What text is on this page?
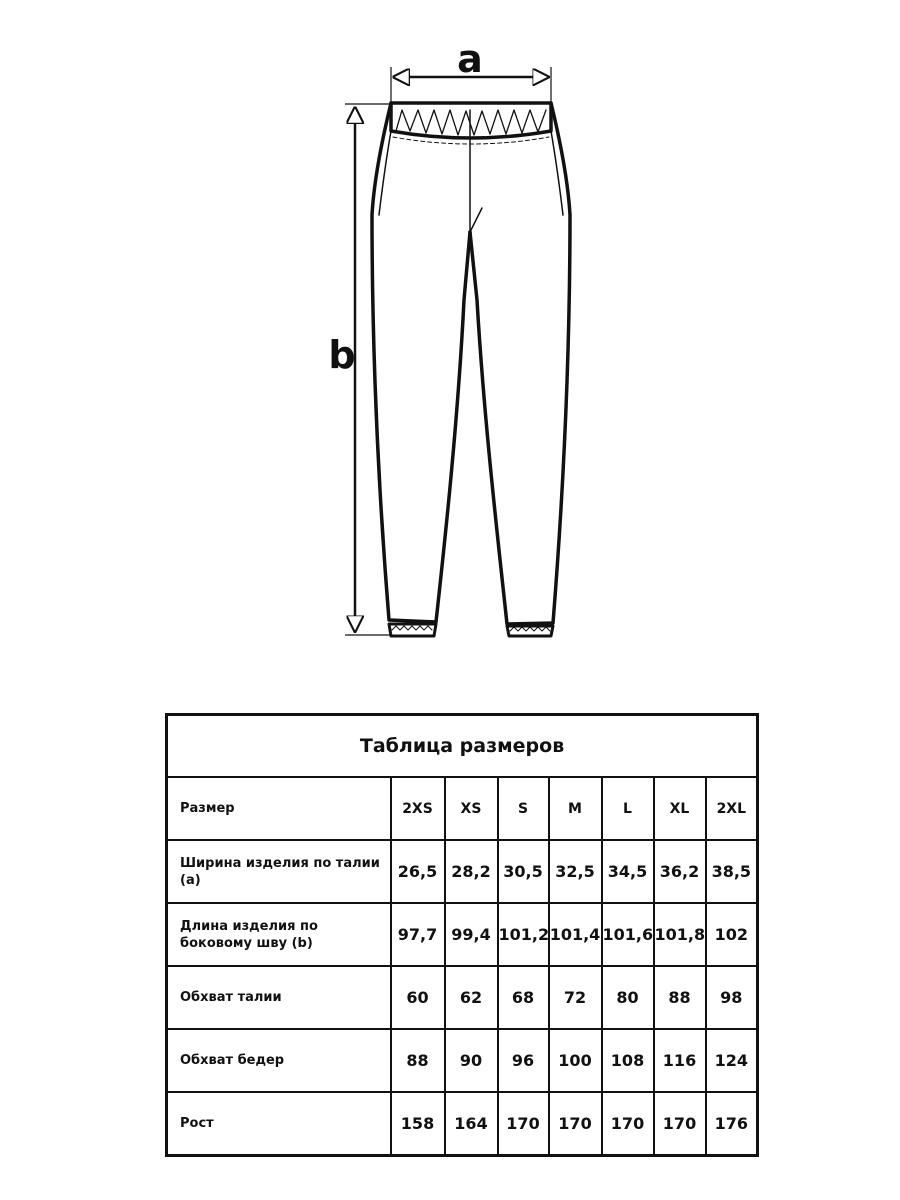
a
b
Таблица размеров							
Размер	2XS	XS	S	M	L	XL	2XL
Ширина изделия по талии (a)	26,5	28,2	30,5	32,5	34,5	36,2	38,5
Длина изделия по боковому шву (b)	97,7	99,4	101,2	101,4	101,6	101,8	102
Обхват талии	60	62	68	72	80	88	98
Обхват бедер	88	90	96	100	108	116	124
Рост	158	164	170	170	170	170	176
